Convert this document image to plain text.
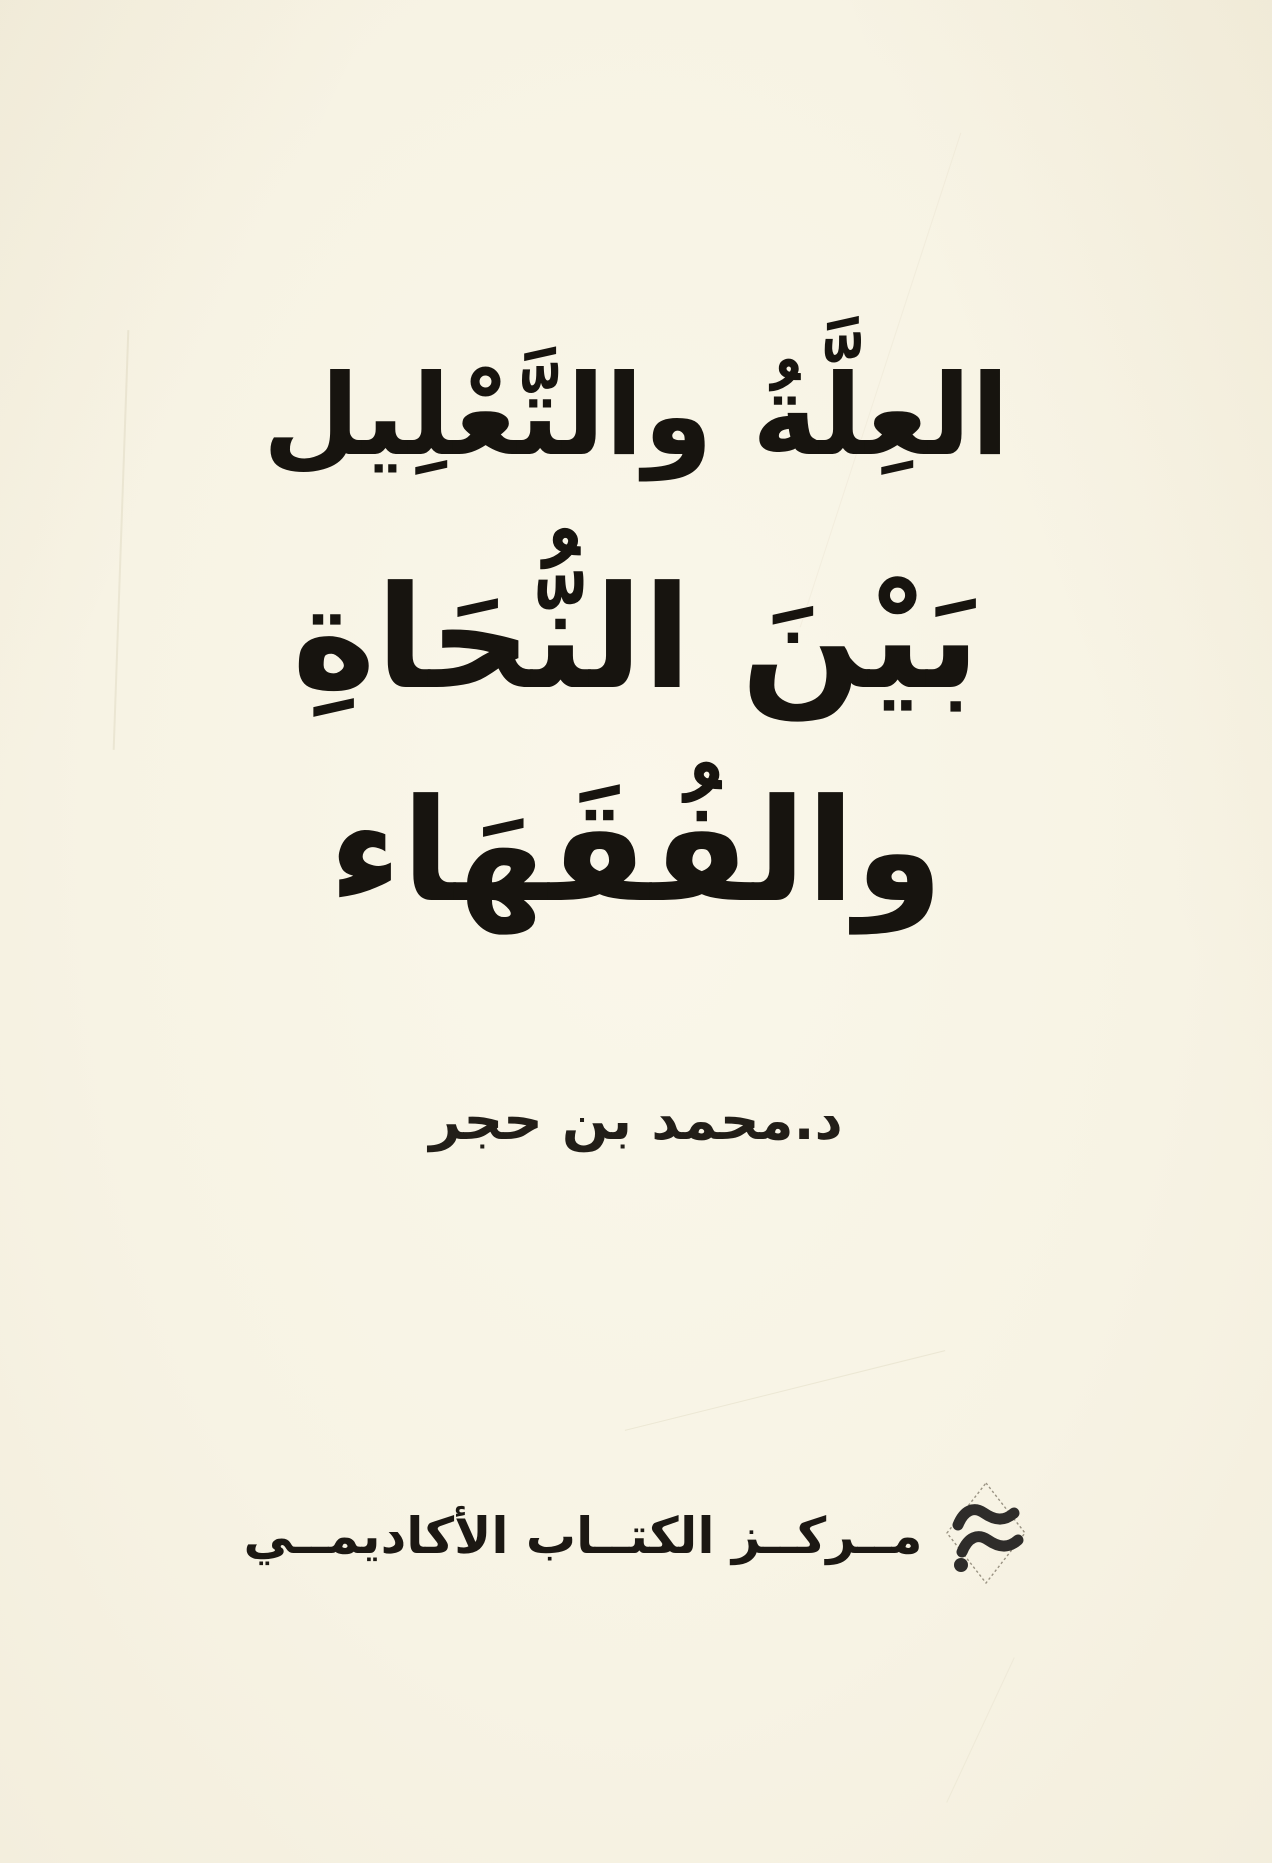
العِلَّةُ والتَّعْلِيل
بَيْنَ النُّحَاةِ والفُقَهَاء
د.محمد بن حجر
مــركــز الكتــاب الأكاديمــي
